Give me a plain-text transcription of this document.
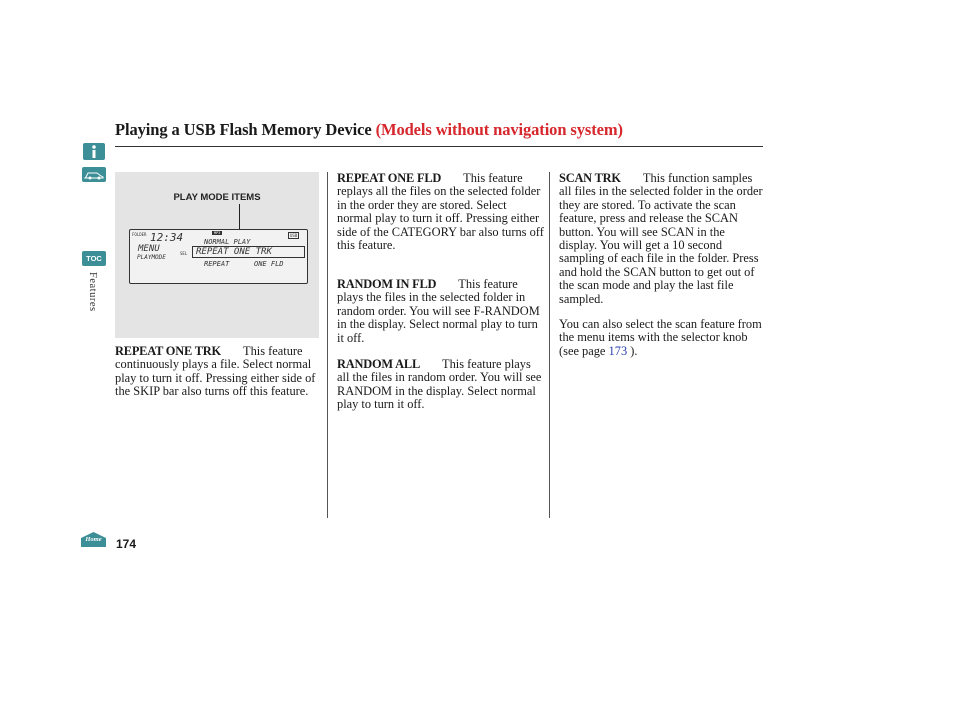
Playing a USB Flash Memory Device (Models without navigation system)
TOC
Features
PLAY MODE ITEMS
FOLDER 12:34
MENU
PLAYMODE
SEL
MP3	USB
NORMAL PLAY
REPEAT ONE TRK
REPEAT	ONE FLD
REPEAT ONE TRK This feature continuously plays a file. Select normal play to turn it off. Pressing either side of the SKIP bar also turns off this feature.
REPEAT ONE FLD This feature replays all the files on the selected folder in the order they are stored. Select normal play to turn it off. Pressing either side of the CATEGORY bar also turns off this feature.
RANDOM IN FLD This feature plays the files in the selected folder in random order. You will see F-RANDOM in the display. Select normal play to turn it off.
RANDOM ALL This feature plays all the files in random order. You will see RANDOM in the display. Select normal play to turn it off.
SCAN TRK This function samples all files in the selected folder in the order they are stored. To activate the scan feature, press and release the SCAN button. You will see SCAN in the display. You will get a 10 second sampling of each file in the folder. Press and hold the SCAN button to get out of the scan mode and play the last file sampled.
You can also select the scan feature from the menu items with the selector knob (see page 173 ).
Home	174
